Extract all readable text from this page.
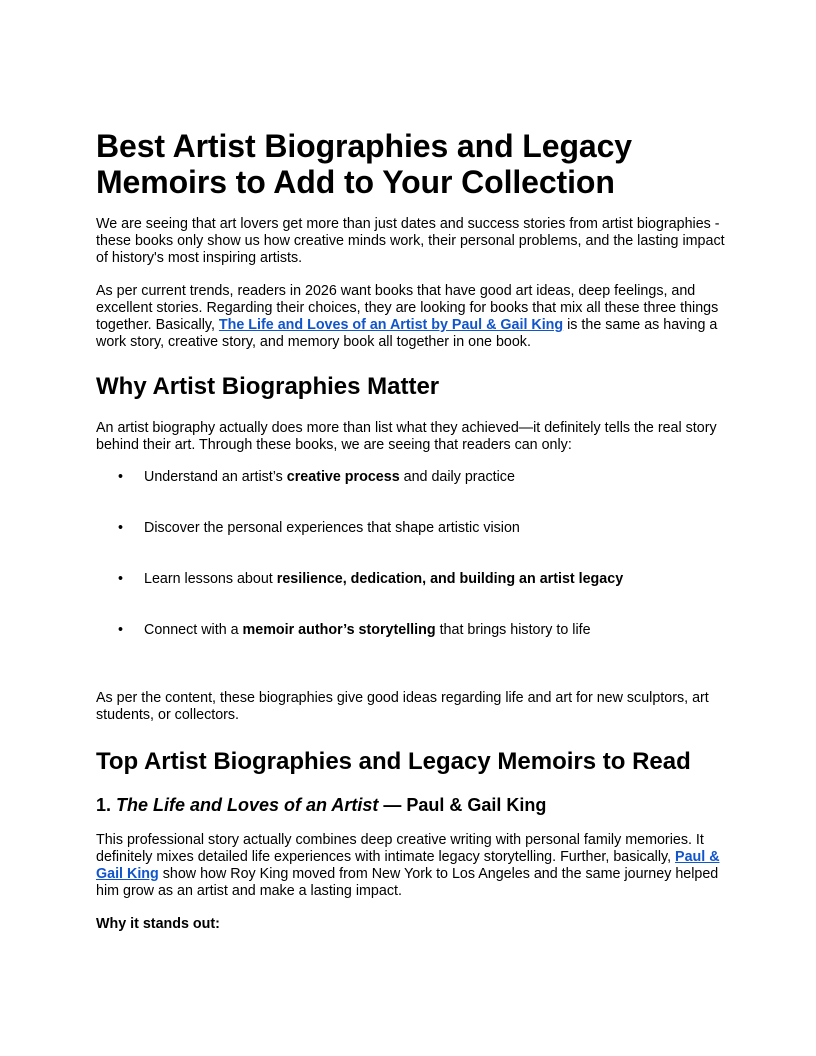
Best Artist Biographies and Legacy
Memoirs to Add to Your Collection

We are seeing that art lovers get more than just dates and success stories from artist biographies - these books only show us how creative minds work, their personal problems, and the lasting impact of history's most inspiring artists.

As per current trends, readers in 2026 want books that have good art ideas, deep feelings, and excellent stories. Regarding their choices, they are looking for books that mix all these three things together. Basically, The Life and Loves of an Artist by Paul & Gail King is the same as having a work story, creative story, and memory book all together in one book.

Why Artist Biographies Matter

An artist biography actually does more than list what they achieved—it definitely tells the real story behind their art. Through these books, we are seeing that readers can only:

• Understand an artist’s creative process and daily practice
• Discover the personal experiences that shape artistic vision
• Learn lessons about resilience, dedication, and building an artist legacy
• Connect with a memoir author’s storytelling that brings history to life

As per the content, these biographies give good ideas regarding life and art for new sculptors, art students, or collectors.

Top Artist Biographies and Legacy Memoirs to Read
1. The Life and Loves of an Artist — Paul & Gail King

This professional story actually combines deep creative writing with personal family memories. It definitely mixes detailed life experiences with intimate legacy storytelling. Further, basically, Paul & Gail King show how Roy King moved from New York to Los Angeles and the same journey helped him grow as an artist and make a lasting impact.

Why it stands out:
